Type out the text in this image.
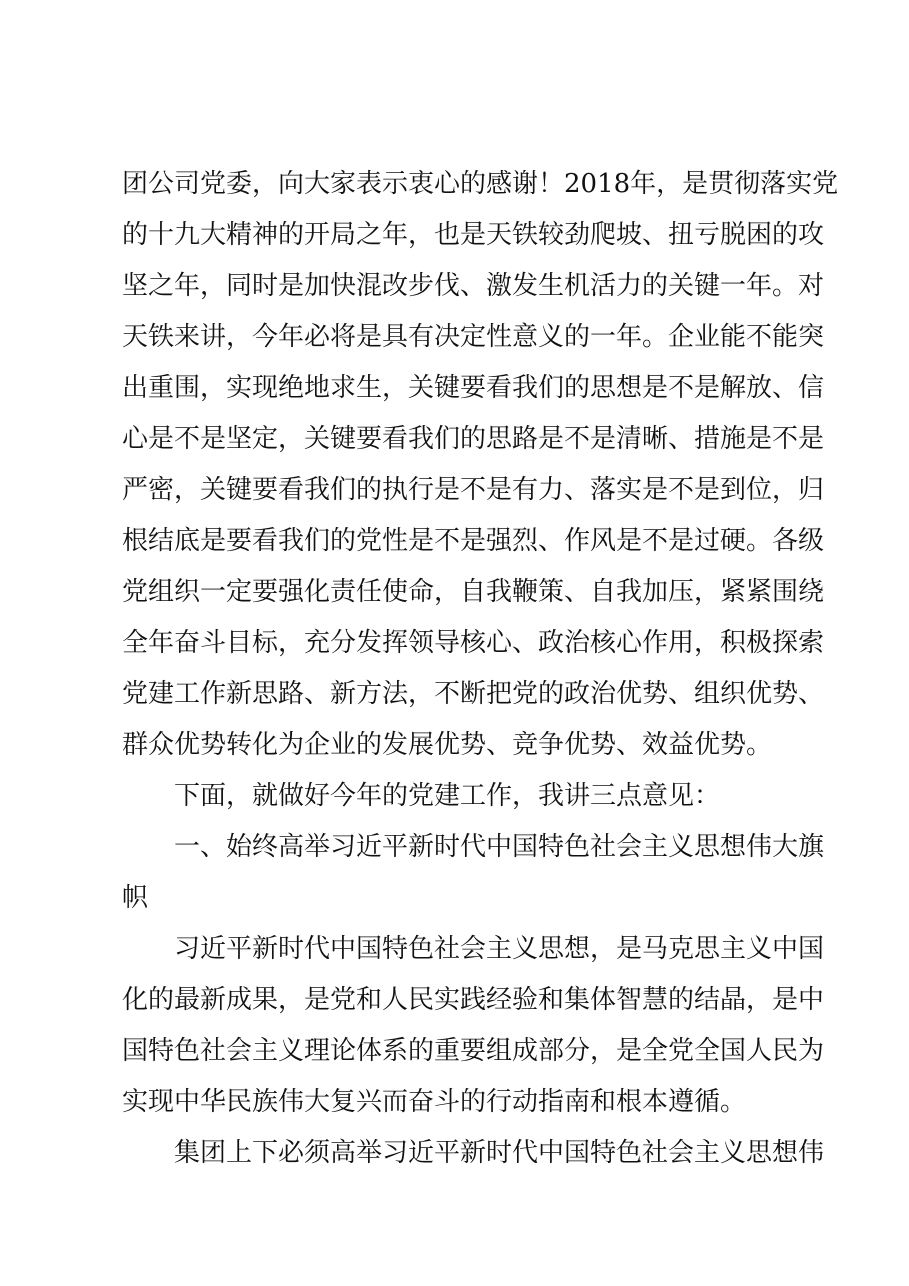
团公司党委，向大家表示衷心的感谢！2018年，是贯彻落实党
的十九大精神的开局之年，也是天铁较劲爬坡、扭亏脱困的攻
坚之年，同时是加快混改步伐、激发生机活力的关键一年。对
天铁来讲，今年必将是具有决定性意义的一年。企业能不能突
出重围，实现绝地求生，关键要看我们的思想是不是解放、信
心是不是坚定，关键要看我们的思路是不是清晰、措施是不是
严密，关键要看我们的执行是不是有力、落实是不是到位，归
根结底是要看我们的党性是不是强烈、作风是不是过硬。各级
党组织一定要强化责任使命，自我鞭策、自我加压，紧紧围绕
全年奋斗目标，充分发挥领导核心、政治核心作用，积极探索
党建工作新思路、新方法，不断把党的政治优势、组织优势、
群众优势转化为企业的发展优势、竞争优势、效益优势。
下面，就做好今年的党建工作，我讲三点意见：
一、始终高举习近平新时代中国特色社会主义思想伟大旗
帜
习近平新时代中国特色社会主义思想，是马克思主义中国
化的最新成果，是党和人民实践经验和集体智慧的结晶，是中
国特色社会主义理论体系的重要组成部分，是全党全国人民为
实现中华民族伟大复兴而奋斗的行动指南和根本遵循。
集团上下必须高举习近平新时代中国特色社会主义思想伟
